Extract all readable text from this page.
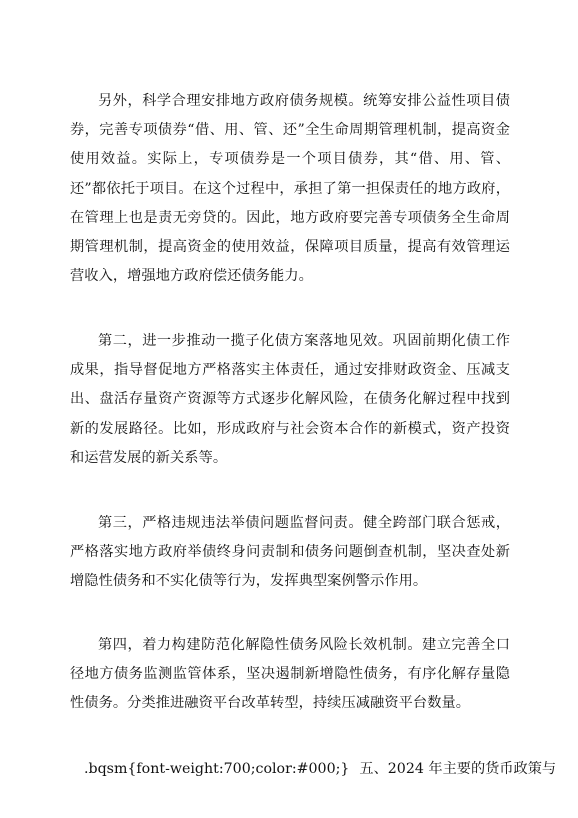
另外，科学合理安排地方政府债务规模。统筹安排公益性项目债券，完善专项债券“借、用、管、还”全生命周期管理机制，提高资金使用效益。实际上，专项债券是一个项目债券，其“借、用、管、还”都依托于项目。在这个过程中，承担了第一担保责任的地方政府，在管理上也是责无旁贷的。因此，地方政府要完善专项债务全生命周期管理机制，提高资金的使用效益，保障项目质量，提高有效管理运营收入，增强地方政府偿还债务能力。

第二，进一步推动一揽子化债方案落地见效。巩固前期化债工作成果，指导督促地方严格落实主体责任，通过安排财政资金、压减支出、盘活存量资产资源等方式逐步化解风险，在债务化解过程中找到新的发展路径。比如，形成政府与社会资本合作的新模式，资产投资和运营发展的新关系等。

第三，严格违规违法举债问题监督问责。健全跨部门联合惩戒，严格落实地方政府举债终身问责制和债务问题倒查机制，坚决查处新增隐性债务和不实化债等行为，发挥典型案例警示作用。

第四，着力构建防范化解隐性债务风险长效机制。建立完善全口径地方债务监测监管体系，坚决遏制新增隐性债务，有序化解存量隐性债务。分类推进融资平台改革转型，持续压减融资平台数量。

.bqsm{font-weight:700;color:#000;} 五、2024 年主要的货币政策与
